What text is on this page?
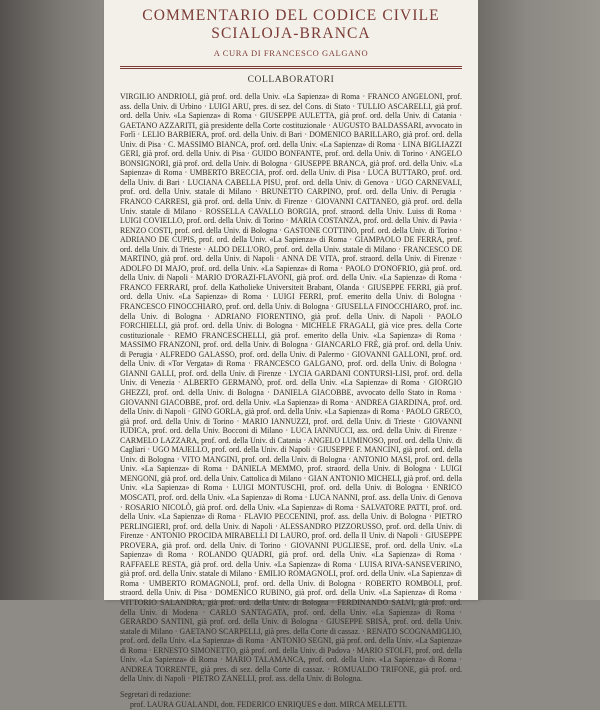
COMMENTARIO DEL CODICE CIVILE
SCIALOJA-BRANCA
A CURA DI FRANCESCO GALGANO
COLLABORATORI
VIRGILIO ANDRIOLI, già prof. ord. della Univ. «La Sapienza» di Roma · FRANCO ANGELONI, prof. ass. della Univ. di Urbino · LUIGI ARU, pres. di sez. del Cons. di Stato · TULLIO ASCARELLI, già prof. ord. della Univ. «La Sapienza» di Roma · GIUSEPPE AULETTA, già prof. ord. della Univ. di Catania · GAETANO AZZARITI, già presidente della Corte costituzionale · AUGUSTO BALDASSARI, avvocato in Forlì · LELIO BARBIERA, prof. ord. della Univ. di Bari · DOMENICO BARILLARO, già prof. ord. della Univ. di Pisa · C. MASSIMO BIANCA, prof. ord. della Univ. «La Sapienza» di Roma · LINA BIGLIAZZI GERI, già prof. ord. della Univ. di Pisa · GUIDO BONFANTE, prof. ord. della Univ. di Torino · ANGELO BONSIGNORI, già prof. ord. della Univ. di Bologna · GIUSEPPE BRANCA, già prof. ord. della Univ. «La Sapienza» di Roma · UMBERTO BRECCIA, prof. ord. della Univ. di Pisa · LUCA BUTTARO, prof. ord. della Univ. di Bari · LUCIANA CABELLA PISU, prof. ord. della Univ. di Genova · UGO CARNEVALI, prof. ord. della Univ. statale di Milano · BRUNETTO CARPINO, prof. ord. della Univ. di Perugia · FRANCO CARRESI, già prof. ord. della Univ. di Firenze · GIOVANNI CATTANEO, già prof. ord. della Univ. statale di Milano · ROSSELLA CAVALLO BORGIA, prof. straord. della Univ. Luiss di Roma · LUIGI COVIELLO, prof. ord. della Univ. di Torino · MARIA COSTANZA, prof. ord. della Univ. di Pavia · RENZO COSTI, prof. ord. della Univ. di Bologna · GASTONE COTTINO, prof. ord. della Univ. di Torino · ADRIANO DE CUPIS, prof. ord. della Univ. «La Sapienza» di Roma · GIAMPAOLO DE FERRA, prof. ord. della Univ. di Trieste · ALDO DELL'ORO, prof. ord. della Univ. statale di Milano · FRANCESCO DE MARTINO, già prof. ord. della Univ. di Napoli · ANNA DE VITA, prof. straord. della Univ. di Firenze · ADOLFO DI MAJO, prof. ord. della Univ. «La Sapienza» di Roma · PAOLO D'ONOFRIO, già prof. ord. della Univ. di Napoli · MARIO D'ORAZI-FLAVONI, già prof. ord. della Univ. «La Sapienza» di Roma · FRANCO FERRARI, prof. della Katholieke Universiteit Brabant, Olanda · GIUSEPPE FERRI, già prof. ord. della Univ. «La Sapienza» di Roma · LUIGI FERRI, prof. emerito della Univ. di Bologna · FRANCESCO FINOCCHIARO, prof. ord. della Univ. di Bologna · GIUSELLA FINOCCHIARO, prof. inc. della Univ. di Bologna · ADRIANO FIORENTINO, già prof. della Univ. di Napoli · PAOLO FORCHIELLI, già prof. ord. della Univ. di Bologna · MICHELE FRAGALI, già vice pres. della Corte costituzionale · REMO FRANCESCHELLI, già prof. emerito della Univ. «La Sapienza» di Roma · MASSIMO FRANZONI, prof. ord. della Univ. di Bologna · GIANCARLO FRÈ, già prof. ord. della Univ. di Perugia · ALFREDO GALASSO, prof. ord. della Univ. di Palermo · GIOVANNI GALLONI, prof. ord. della Univ. di «Tor Vergata» di Roma · FRANCESCO GALGANO, prof. ord. della Univ. di Bologna · GIANNI GALLI, prof. ord. della Univ. di Firenze · LYCIA GARDANI CONTURSI-LISI, prof. ord. della Univ. di Venezia · ALBERTO GERMANÒ, prof. ord. della Univ. «La Sapienza» di Roma · GIORGIO GHEZZI, prof. ord. della Univ. di Bologna · DANIELA GIACOBBE, avvocato dello Stato in Roma · GIOVANNI GIACOBBE, prof. ord. della Univ. «La Sapienza» di Roma · ANDREA GIARDINA, prof. ord. della Univ. di Napoli · GINO GORLA, già prof. ord. della Univ. «La Sapienza» di Roma · PAOLO GRECO, già prof. ord. della Univ. di Torino · MARIO IANNUZZI, prof. ord. della Univ. di Trieste · GIOVANNI IUDICA, prof. ord. della Univ. Bocconi di Milano · LUCA IANNUCCI, ass. ord. della Univ. di Firenze · CARMELO LAZZARA, prof. ord. della Univ. di Catania · ANGELO LUMINOSO, prof. ord. della Univ. di Cagliari · UGO MAJELLO, prof. ord. della Univ. di Napoli · GIUSEPPE F. MANCINI, già prof. ord. della Univ. di Bologna · VITO MANGINI, prof. ord. della Univ. di Bologna · ANTONIO MASI, prof. ord. della Univ. «La Sapienza» di Roma · DANIELA MEMMO, prof. straord. della Univ. di Bologna · LUIGI MENGONI, già prof. ord. della Univ. Cattolica di Milano · GIAN ANTONIO MICHELI, già prof. ord. della Univ. «La Sapienza» di Roma · LUIGI MONTUSCHI, prof. ord. della Univ. di Bologna · ENRICO MOSCATI, prof. ord. della Univ. «La Sapienza» di Roma · LUCA NANNI, prof. ass. della Univ. di Genova · ROSARIO NICOLÒ, già prof. ord. della Univ. «La Sapienza» di Roma · SALVATORE PATTI, prof. ord. della Univ. «La Sapienza» di Roma · FLAVIO PECCENINI, prof. ass. della Univ. di Bologna · PIETRO PERLINGIERI, prof. ord. della Univ. di Napoli · ALESSANDRO PIZZORUSSO, prof. ord. della Univ. di Firenze · ANTONIO PROCIDA MIRABELLI DI LAURO, prof. ord. della II Univ. di Napoli · GIUSEPPE PROVERA, già prof. ord. della Univ. di Torino · GIOVANNI PUGLIESE, prof. ord. della Univ. «La Sapienza» di Roma · ROLANDO QUADRI, già prof. ord. della Univ. «La Sapienza» di Roma · RAFFAELE RESTA, già prof. ord. della Univ. «La Sapienza» di Roma · LUISA RIVA-SANSEVERINO, già prof. ord. della Univ. statale di Milano · EMILIO ROMAGNOLI, prof. ord. della Univ. «La Sapienza» di Roma · UMBERTO ROMAGNOLI, prof. ord. della Univ. di Bologna · ROBERTO ROMBOLI, prof. straord. della Univ. di Pisa · DOMENICO RUBINO, già prof. ord. della Univ. «La Sapienza» di Roma · VITTORIO SALANDRA, già prof. ord. della Univ. di Bologna · FERDINANDO SALVI, già prof. ord. della Univ. di Modena · CARLO SANTAGATA, prof. ord. della Univ. «La Sapienza» di Roma · GERARDO SANTINI, già prof. ord. della Univ. di Bologna · GIUSEPPE SBISÀ, prof. ord. della Univ. statale di Milano · GAETANO SCARPELLI, già pres. della Corte di cassaz. · RENATO SCOGNAMIGLIO, prof. ord. della Univ. «La Sapienza» di Roma · ANTONIO SEGNI, già prof. ord. della Univ. «La Sapienza» di Roma · ERNESTO SIMONETTO, già prof. ord. della Univ. di Padova · MARIO STOLFI, prof. ord. della Univ. «La Sapienza» di Roma · MARIO TALAMANCA, prof. ord. della Univ. «La Sapienza» di Roma · ANDREA TORRENTE, già pres. di sez. della Corte di cassaz. · ROMUALDO TRIFONE, già prof. ord. della Univ. di Napoli · PIETRO ZANELLI, prof. ass. della Univ. di Bologna.
Segretari di redazione:
prof. LAURA GUALANDI, dott. FEDERICO ENRIQUES e dott. MIRCA MELLETTI.
